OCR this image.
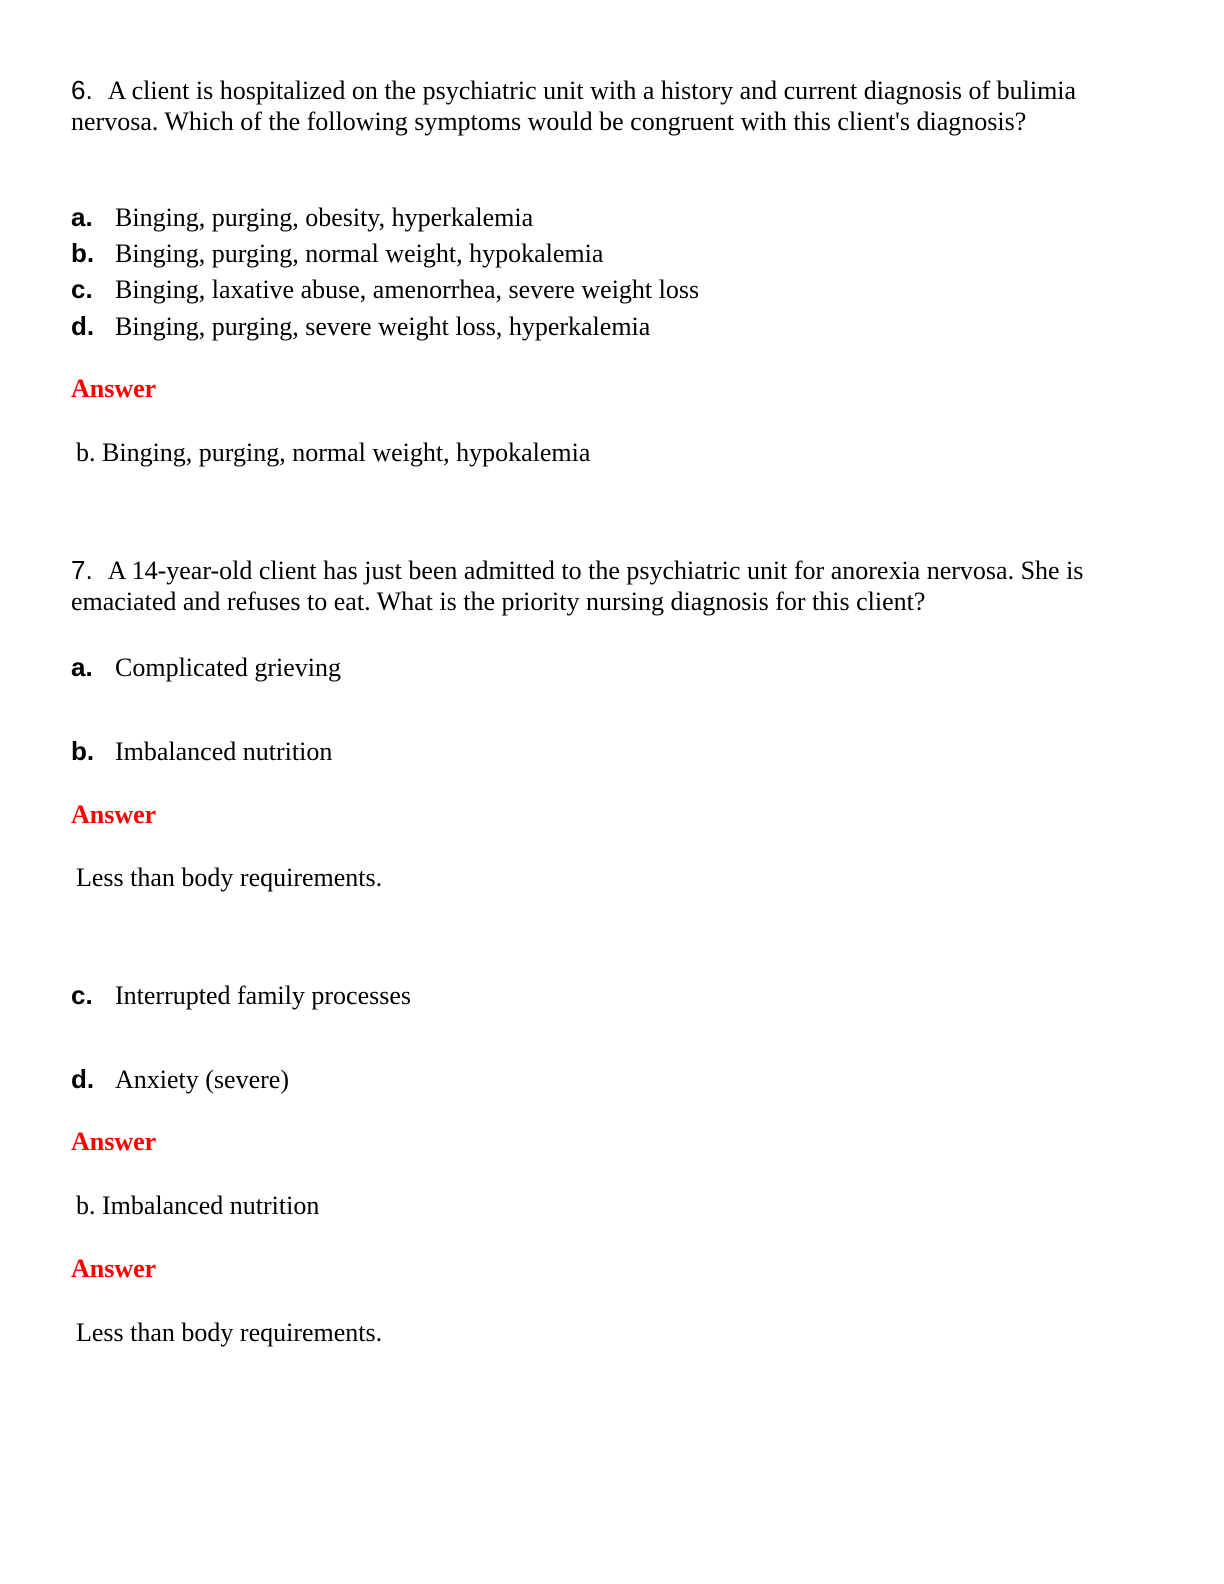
6. A client is hospitalized on the psychiatric unit with a history and current diagnosis of bulimia nervosa. Which of the following symptoms would be congruent with this client's diagnosis?
a. Binging, purging, obesity, hyperkalemia
b. Binging, purging, normal weight, hypokalemia
c. Binging, laxative abuse, amenorrhea, severe weight loss
d. Binging, purging, severe weight loss, hyperkalemia
Answer
b. Binging, purging, normal weight, hypokalemia
7. A 14-year-old client has just been admitted to the psychiatric unit for anorexia nervosa. She is emaciated and refuses to eat. What is the priority nursing diagnosis for this client?
a. Complicated grieving
b. Imbalanced nutrition
Answer
Less than body requirements.
c. Interrupted family processes
d. Anxiety (severe)
Answer
b. Imbalanced nutrition
Answer
Less than body requirements.
